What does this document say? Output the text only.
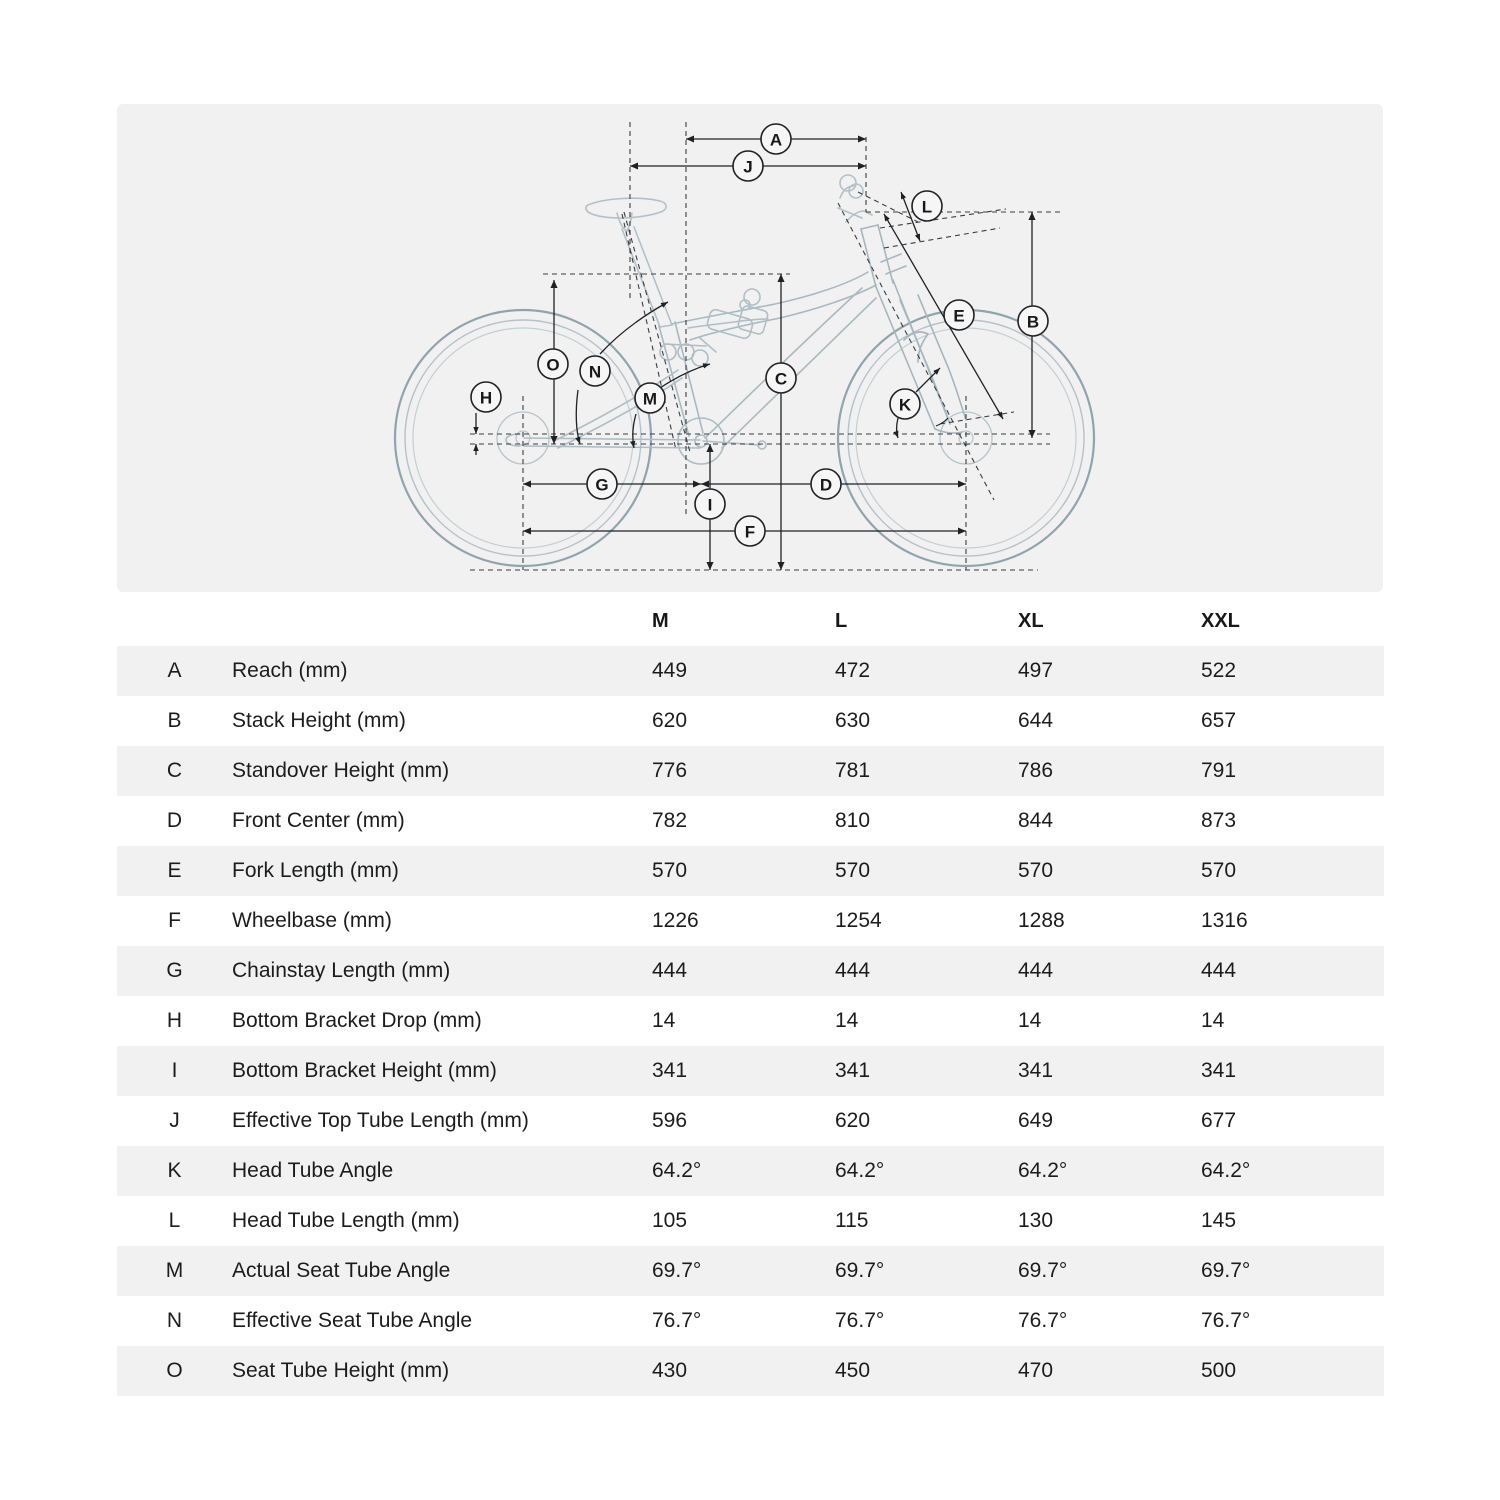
A
J
L
B
E
C
O N
M
H	K
G	D
I
F
		M	L	XL	XXL
A	Reach (mm)	449	472	497	522
B	Stack Height (mm)	620	630	644	657
C	Standover Height (mm)	776	781	786	791
D	Front Center (mm)	782	810	844	873
E	Fork Length (mm)	570	570	570	570
F	Wheelbase (mm)	1226	1254	1288	1316
G	Chainstay Length (mm)	444	444	444	444
H	Bottom Bracket Drop (mm)	14	14	14	14
I	Bottom Bracket Height (mm)	341	341	341	341
J	Effective Top Tube Length (mm)	596	620	649	677
K	Head Tube Angle	64.2°	64.2°	64.2°	64.2°
L	Head Tube Length (mm)	105	115	130	145
M	Actual Seat Tube Angle	69.7°	69.7°	69.7°	69.7°
N	Effective Seat Tube Angle	76.7°	76.7°	76.7°	76.7°
O	Seat Tube Height (mm)	430	450	470	500
